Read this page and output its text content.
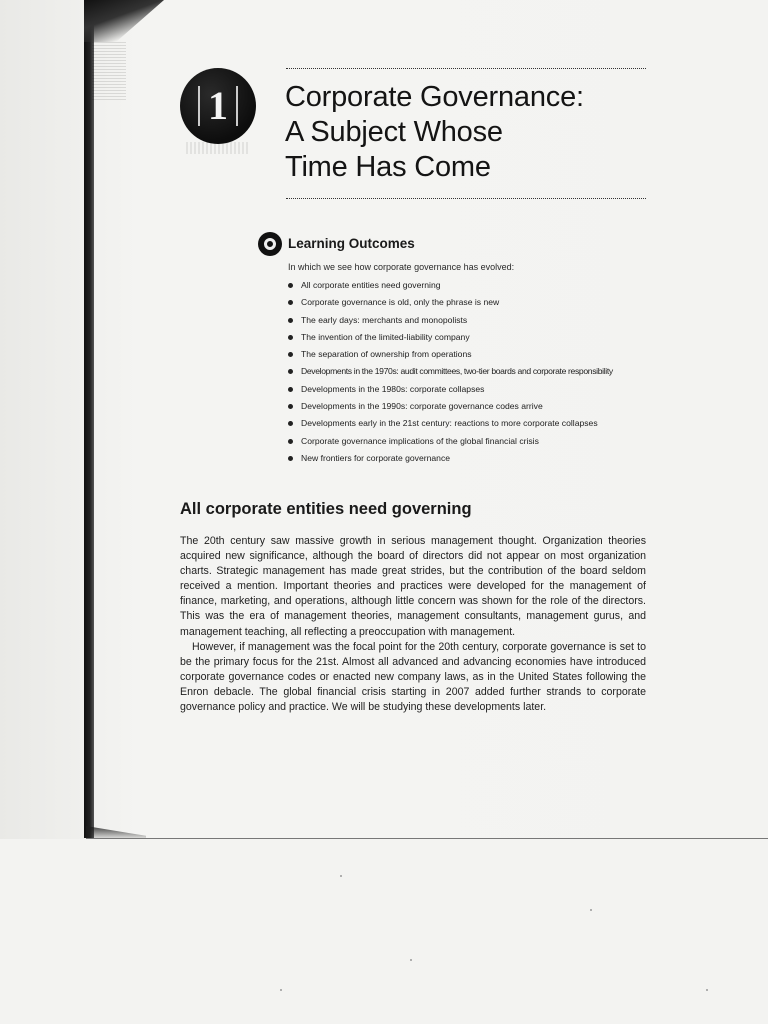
1	Corporate Governance:
A Subject Whose
Time Has Come
Learning Outcomes
In which we see how corporate governance has evolved:
All corporate entities need governing
Corporate governance is old, only the phrase is new
The early days: merchants and monopolists
The invention of the limited-liability company
The separation of ownership from operations
Developments in the 1970s: audit committees, two-tier boards and corporate responsibility
Developments in the 1980s: corporate collapses
Developments in the 1990s: corporate governance codes arrive
Developments early in the 21st century: reactions to more corporate collapses
Corporate governance implications of the global financial crisis
New frontiers for corporate governance
All corporate entities need governing

The 20th century saw massive growth in serious management thought. Organization theories acquired new significance, although the board of directors did not appear on most organization charts. Strategic management has made great strides, but the contribution of the board seldom received a mention. Important theories and practices were developed for the management of finance, marketing, and operations, although little concern was shown for the role of the directors. This was the era of management theories, management consultants, management gurus, and management teaching, all reflecting a preoccupation with management.

However, if management was the focal point for the 20th century, corporate governance is set to be the primary focus for the 21st. Almost all advanced and advancing economies have introduced corporate governance codes or enacted new company laws, as in the United States following the Enron debacle. The global financial crisis starting in 2007 added further strands to corporate governance policy and practice. We will be studying these developments later.
